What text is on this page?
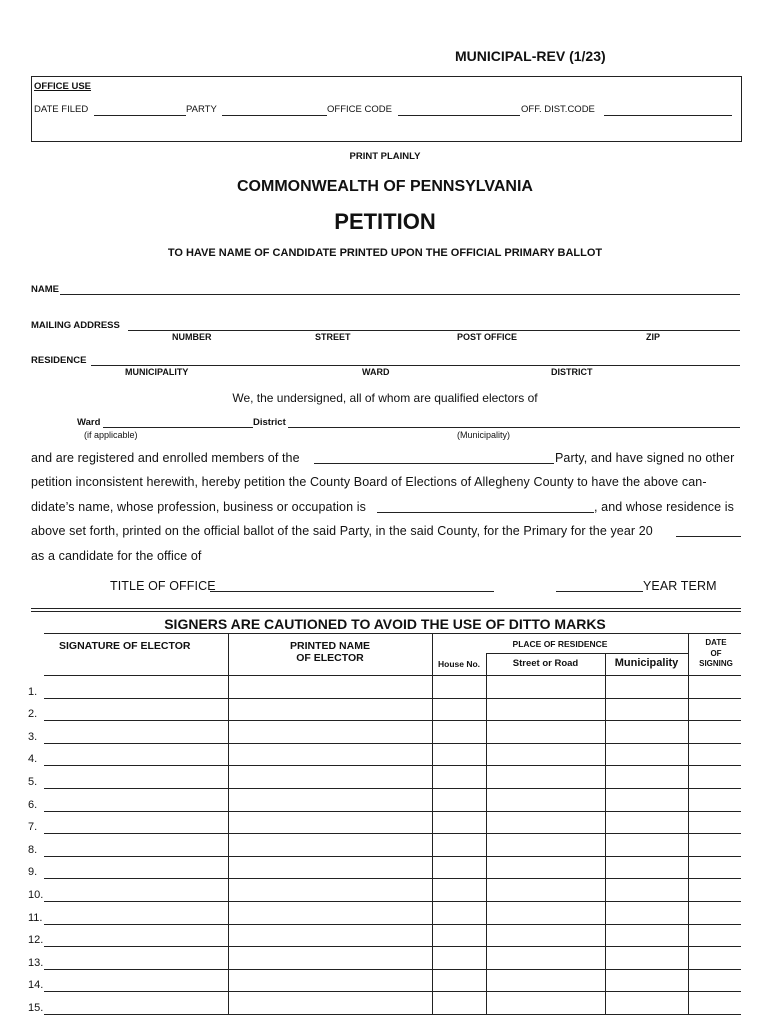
MUNICIPAL-REV (1/23)
OFFICE USE
DATE FILED	PARTY	OFFICE CODE	OFF. DIST.CODE
PRINT PLAINLY
COMMONWEALTH OF PENNSYLVANIA
PETITION
TO HAVE NAME OF CANDIDATE PRINTED UPON THE OFFICIAL PRIMARY BALLOT
NAME
MAILING ADDRESS
NUMBER	STREET	POST OFFICE	ZIP
RESIDENCE
MUNICIPALITY	WARD	DISTRICT
We, the undersigned, all of whom are qualified electors of
Ward	District
(if applicable)	(Municipality)
and are registered and enrolled members of the	Party, and have signed no other
petition inconsistent herewith, hereby petition the County Board of Elections of Allegheny County to have the above can-
didate’s name, whose profession, business or occupation is	, and whose residence is
above set forth, printed on the official ballot of the said Party, in the said County, for the Primary for the year 20
as a candidate for the office of
TITLE OF OFFICE	YEAR TERM
SIGNERS ARE CAUTIONED TO AVOID THE USE OF DITTO MARKS
SIGNATURE OF ELECTOR	PRINTED NAME
OF ELECTOR
PLACE OF RESIDENCE
House No.	Street or Road	Municipality
DATE
OF
SIGNING
1.
2.
3.
4.
5.
6.
7.
8.
9.
10.
11.
12.
13.
14.
15.
